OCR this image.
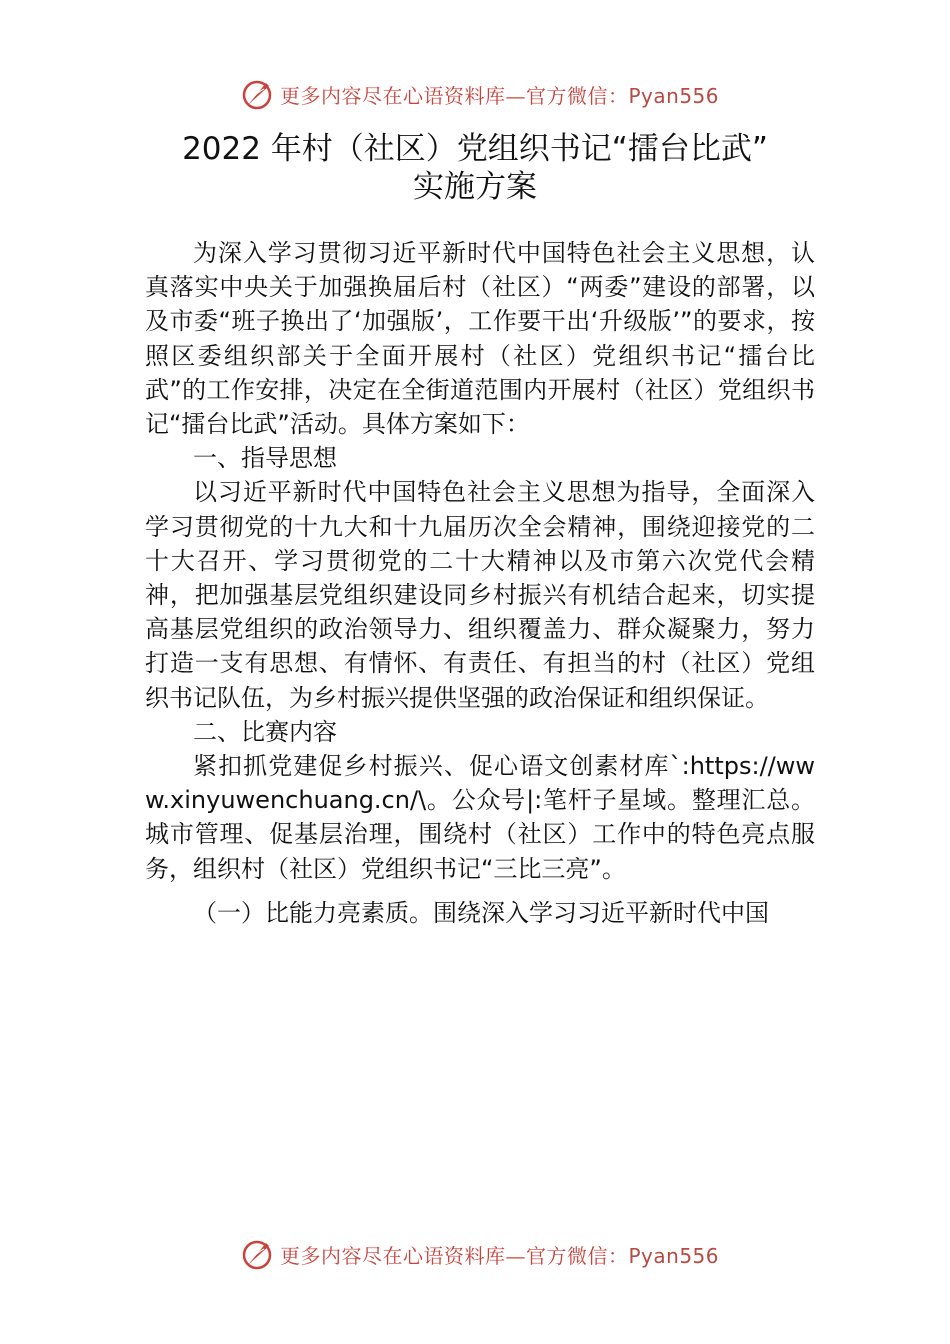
更多内容尽在心语资料库—官方微信：Pyan556
2022 年村（社区）党组织书记“擂台比武”
实施方案

为深入学习贯彻习近平新时代中国特色社会主义思想，认真落实中央关于加强换届后村（社区）“两委”建设的部署，以及市委“班子换出了‘加强版’，工作要干出‘升级版’”的要求，按照区委组织部关于全面开展村（社区）党组织书记“擂台比武”的工作安排，决定在全街道范围内开展村（社区）党组织书记“擂台比武”活动。具体方案如下：

一、指导思想

以习近平新时代中国特色社会主义思想为指导，全面深入学习贯彻党的十九大和十九届历次全会精神，围绕迎接党的二十大召开、学习贯彻党的二十大精神以及市第六次党代会精神，把加强基层党组织建设同乡村振兴有机结合起来，切实提高基层党组织的政治领导力、组织覆盖力、群众凝聚力，努力打造一支有思想、有情怀、有责任、有担当的村（社区）党组织书记队伍，为乡村振兴提供坚强的政治保证和组织保证。

二、比赛内容

紧扣抓党建促乡村振兴、促心语文创素材库`:https://www.xinyuwenchuang.cn/\。公众号|:笔杆子星域。整理汇总。城市管理、促基层治理，围绕村（社区）工作中的特色亮点服务，组织村（社区）党组织书记“三比三亮”。

（一）比能力亮素质。围绕深入学习习近平新时代中国

更多内容尽在心语资料库—官方微信：Pyan556
